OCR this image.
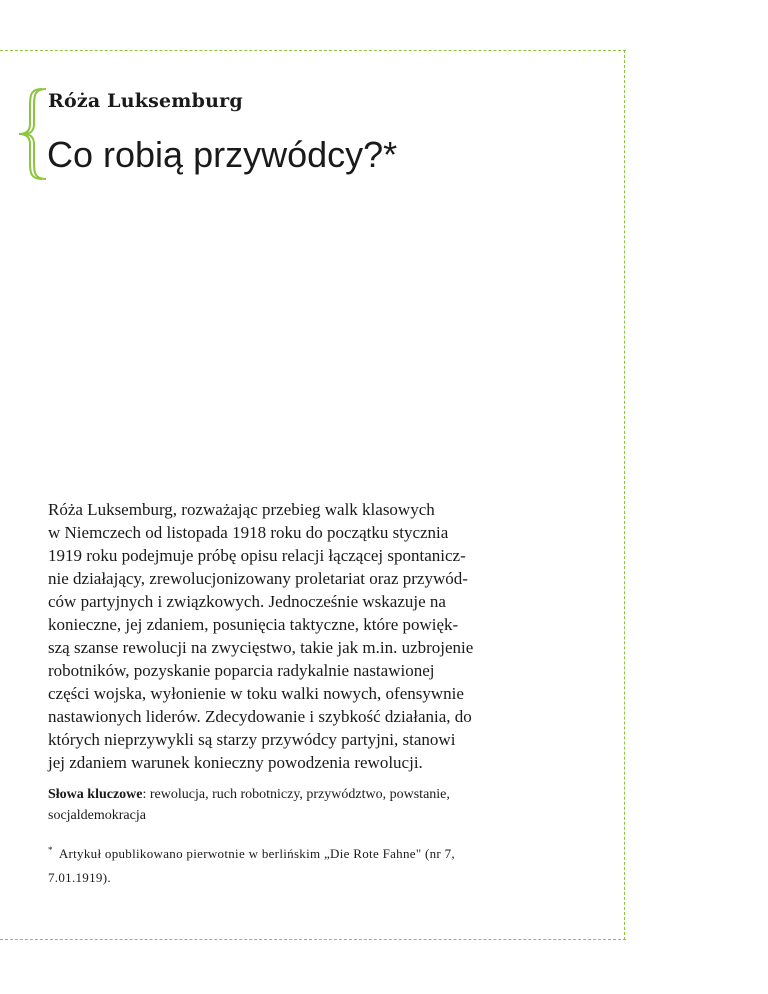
Róża Luksemburg
Co robią przywódcy?*

Róża Luksemburg, rozważając przebieg walk klasowych
w Niemczech od listopada 1918 roku do początku stycznia
1919 roku podejmuje próbę opisu relacji łączącej spontanicz-
nie działający, zrewolucjonizowany proletariat oraz przywód-
ców partyjnych i związkowych. Jednocześnie wskazuje na
konieczne, jej zdaniem, posunięcia taktyczne, które powięk-
szą szanse rewolucji na zwycięstwo, takie jak m.in. uzbrojenie
robotników, pozyskanie poparcia radykalnie nastawionej
części wojska, wyłonienie w toku walki nowych, ofensywnie
nastawionych liderów. Zdecydowanie i szybkość działania, do
których nieprzywykli są starzy przywódcy partyjni, stanowi
jej zdaniem warunek konieczny powodzenia rewolucji.

Słowa kluczowe: rewolucja, ruch robotniczy, przywództwo, powstanie,
socjaldemokracja

* Artykuł opublikowano pierwotnie w berlińskim „Die Rote Fahne" (nr 7,
7.01.1919).
